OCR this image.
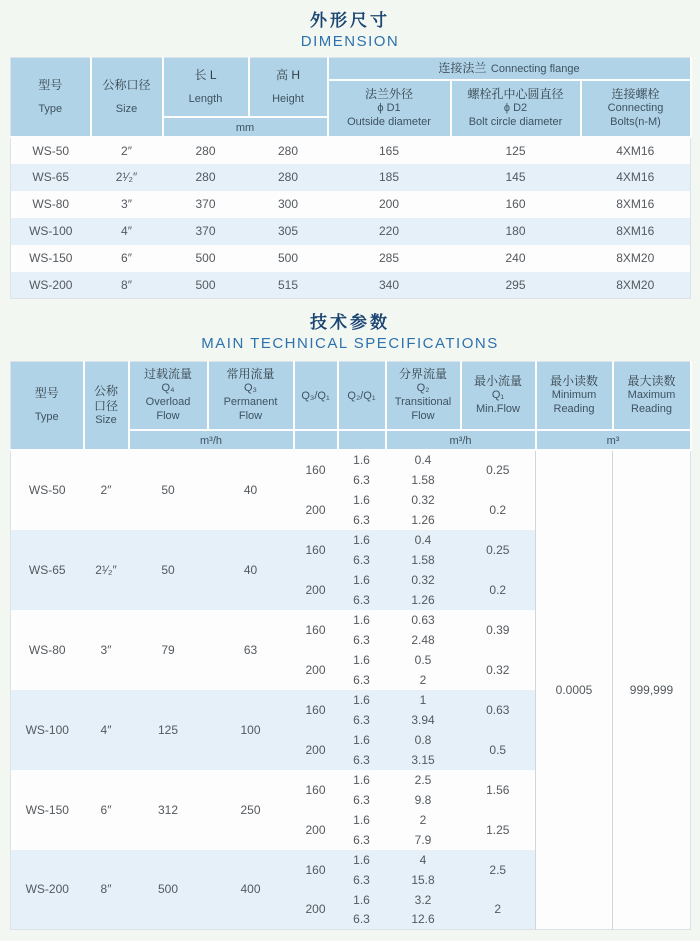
外形尺寸
DIMENSION
型号
Type

公称口径
Size

长 L
Length

高 H
Height
	连接法兰 Connecting flange

法兰外径
ϕ D1
Outside diameter

螺栓孔中心圆直径
ϕ D2
Bolt circle diameter

连接螺栓
Connecting
Bolts(n-M)

		mm				
WS-50	2″	280	280	165	125	4XM16
WS-65	2¹⁄₂″	280	280	185	145	4XM16
WS-80	3″	370	300	200	160	8XM16
WS-100	4″	370	305	220	180	8XM16
WS-150	6″	500	500	285	240	8XM20
WS-200	8″	500	515	340	295	8XM20
技术参数
MAIN TECHNICAL SPECIFICATIONS
型号
Type

公称
口径
Size

过载流量
Q₄
Overload
Flow

常用流量
Q₃
Permanent
Flow
	Q₃/Q₁	Q₂/Q₁	
分界流量
Q₂
Transitional
Flow

最小流量
Q₁
Min.Flow

最小读数
Minimum
Reading

最大读数
Maximum
Reading

		m³/h				m³/h		m³	
WS-50	2″	50	40	160	1.6	0.4	0.25	0.0005	999,999
					6.3	1.58			
				200	1.6	0.32	0.2		
					6.3	1.26			
WS-65	2¹⁄₂″	50	40	160	1.6	0.4	0.25		
					6.3	1.58			
				200	1.6	0.32	0.2		
					6.3	1.26			
WS-80	3″	79	63	160	1.6	0.63	0.39		
					6.3	2.48			
				200	1.6	0.5	0.32		
					6.3	2			
WS-100	4″	125	100	160	1.6	1	0.63		
					6.3	3.94			
				200	1.6	0.8	0.5		
					6.3	3.15			
WS-150	6″	312	250	160	1.6	2.5	1.56		
					6.3	9.8			
				200	1.6	2	1.25		
					6.3	7.9			
WS-200	8″	500	400	160	1.6	4	2.5		
					6.3	15.8			
				200	1.6	3.2	2		
					6.3	12.6			
